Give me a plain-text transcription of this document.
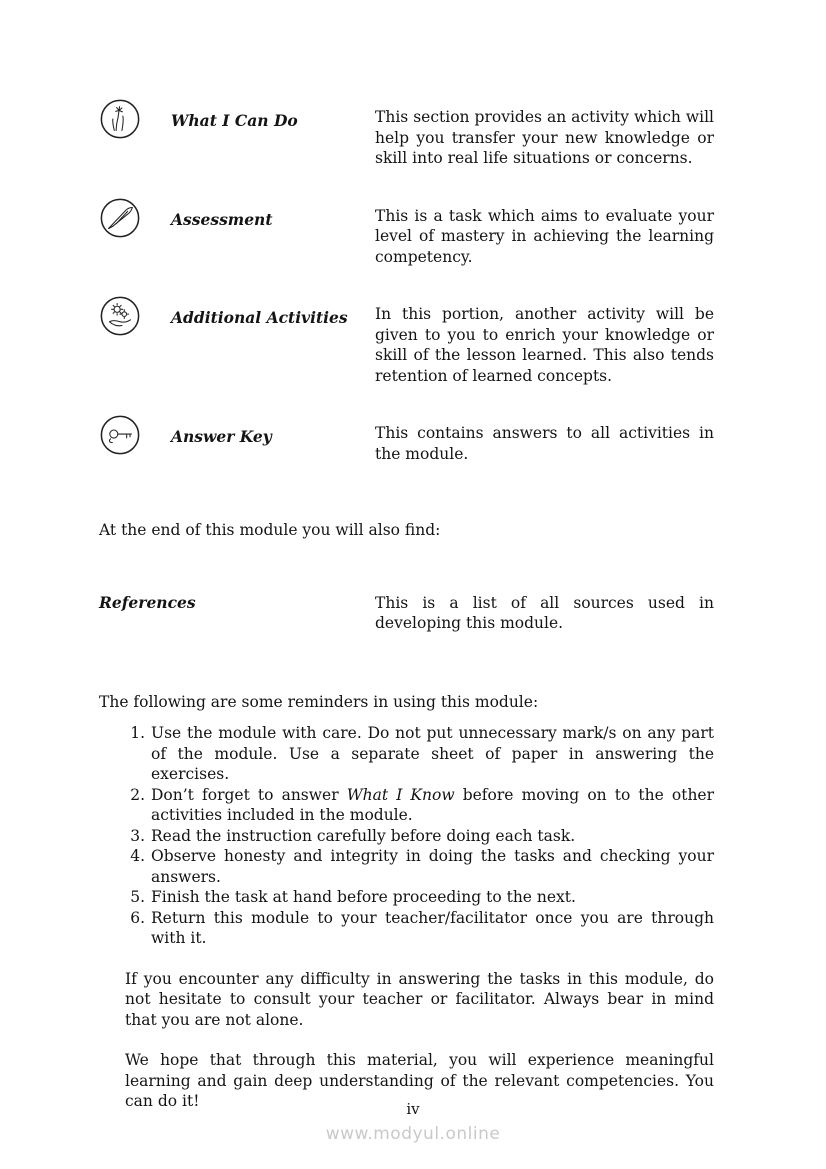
What I Can Do	This section provides an activity which will help you transfer your new knowledge or skill into real life situations or concerns.
Assessment	This is a task which aims to evaluate your level of mastery in achieving the learning competency.
Additional Activities	In this portion, another activity will be given to you to enrich your knowledge or skill of the lesson learned. This also tends retention of learned concepts.
Answer Key	This contains answers to all activities in the module.
At the end of this module you will also find:
References	This is a list of all sources used in developing this module.
The following are some reminders in using this module:
1. Use the module with care. Do not put unnecessary mark/s on any part of the module. Use a separate sheet of paper in answering the exercises.
2. Don’t forget to answer What I Know before moving on to the other activities included in the module.
3. Read the instruction carefully before doing each task.
4. Observe honesty and integrity in doing the tasks and checking your answers.
5. Finish the task at hand before proceeding to the next.
6. Return this module to your teacher/facilitator once you are through with it.

If you encounter any difficulty in answering the tasks in this module, do not hesitate to consult your teacher or facilitator. Always bear in mind that you are not alone.

We hope that through this material, you will experience meaningful learning and gain deep understanding of the relevant competencies. You can do it!	iv
www.modyul.online
